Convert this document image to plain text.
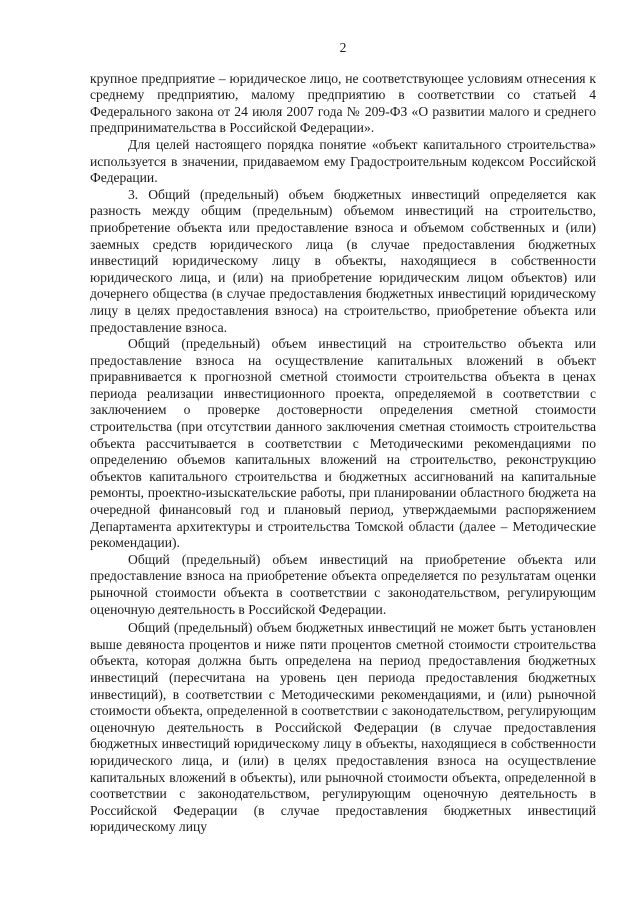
2

крупное предприятие – юридическое лицо, не соответствующее условиям отнесения к среднему предприятию, малому предприятию в соответствии со статьей 4 Федерального закона от 24 июля 2007 года № 209-ФЗ «О развитии малого и среднего предпринимательства в Российской Федерации».

Для целей настоящего порядка понятие «объект капитального строительства» используется в значении, придаваемом ему Градостроительным кодексом Российской Федерации.

3. Общий (предельный) объем бюджетных инвестиций определяется как разность между общим (предельным) объемом инвестиций на строительство, приобретение объекта или предоставление взноса и объемом собственных и (или) заемных средств юридического лица (в случае предоставления бюджетных инвестиций юридическому лицу в объекты, находящиеся в собственности юридического лица, и (или) на приобретение юридическим лицом объектов) или дочернего общества (в случае предоставления бюджетных инвестиций юридическому лицу в целях предоставления взноса) на строительство, приобретение объекта или предоставление взноса.

Общий (предельный) объем инвестиций на строительство объекта или предоставление взноса на осуществление капитальных вложений в объект приравнивается к прогнозной сметной стоимости строительства объекта в ценах периода реализации инвестиционного проекта, определяемой в соответствии с заключением о проверке достоверности определения сметной стоимости строительства (при отсутствии данного заключения сметная стоимость строительства объекта рассчитывается в соответствии с Методическими рекомендациями по определению объемов капитальных вложений на строительство, реконструкцию объектов капитального строительства и бюджетных ассигнований на капитальные ремонты, проектно-изыскательские работы, при планировании областного бюджета на очередной финансовый год и плановый период, утверждаемыми распоряжением Департамента архитектуры и строительства Томской области (далее – Методические рекомендации).

Общий (предельный) объем инвестиций на приобретение объекта или предоставление взноса на приобретение объекта определяется по результатам оценки рыночной стоимости объекта в соответствии с законодательством, регулирующим оценочную деятельность в Российской Федерации.

Общий (предельный) объем бюджетных инвестиций не может быть установлен выше девяноста процентов и ниже пяти процентов сметной стоимости строительства объекта, которая должна быть определена на период предоставления бюджетных инвестиций (пересчитана на уровень цен периода предоставления бюджетных инвестиций), в соответствии с Методическими рекомендациями, и (или) рыночной стоимости объекта, определенной в соответствии с законодательством, регулирующим оценочную деятельность в Российской Федерации (в случае предоставления бюджетных инвестиций юридическому лицу в объекты, находящиеся в собственности юридического лица, и (или) в целях предоставления взноса на осуществление капитальных вложений в объекты), или рыночной стоимости объекта, определенной в соответствии с законодательством, регулирующим оценочную деятельность в Российской Федерации (в случае предоставления бюджетных инвестиций юридическому лицу
